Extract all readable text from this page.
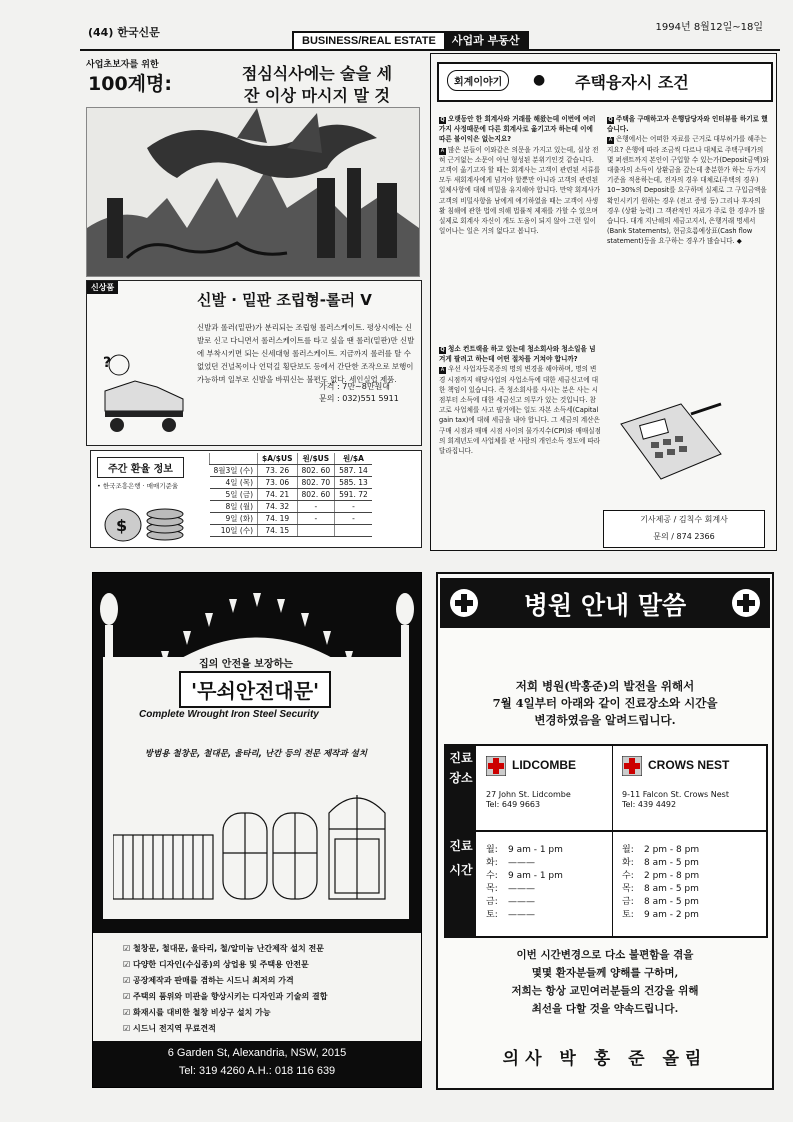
(44) 한국신문	1994년 8월12일~18일
BUSINESS/REAL ESTATE	사업과 부동산
사업초보자를 위한
100계명:	점심식사에는 술을 세
잔 이상 마시지 말 것
신상품
신발 · 밑판 조립형-롤러 V
신발과 롤러(밑판)가 분리되는 조립형 롤러스케이트. 평상시에는 신발로 신고 다니면서 롤러스케이트를 타고 싶을 땐 롤러(밑판)만 신발에 부착시키면 되는 신세대형 롤러스케이트. 지금까지 롤러를 탈 수 없었던 건널목이나 언덕길 횡단보도 등에서 간단한 조작으로 보행이 가능하며 일부로 신발을 바꿔신는 불편도 없다. 세인실업 제품.
?
가격 : 7만~8만원대
문의 : 032)551 5911
주간 환율 정보
• 한국조흥은행 · 매매기준율
$
	$A/$US	원/$US	원/$A
8월3일 (수)	73. 26	802. 60	587. 14
4일 (목)	73. 06	802. 70	585. 13
5일 (금)	74. 21	802. 60	591. 72
8일 (월)	74. 32	-	-
9일 (화)	74. 19	-	-
10일 (수)	74. 15		
회계이야기	● 주택융자시 조건
Q 오랫동안 한 회계사와 거래를 해왔는데 이번에 여러가지 사정때문에 다른 회계사로 옮기고자 하는데 이에 따른 불이익은 없는지요?
A 많은 분들이 이와같은 의문을 가지고 있는데, 실상 전혀 근거없는 소문이 아닌 형성된 분위기인것 같습니다. 고객이 옮기고자 할 때는 회계사는 고객이 관련된 서류를 모두 새회계사에게 넘겨야 할뿐만 아니라 고객의 관련된 일체사항에 대해 비밀을 유지해야 합니다. 만약 회계사가 고객의 비밀사항을 남에게 얘기하였을 때는 고객이 사생활 침해에 관한 법에 의해 법률적 제재를 가할 수 있으며 실제로 회계사 자신이 개도 도움이 되지 않아 그런 일이 일어나는 일은 거의 없다고 봅니다.
Q 청소 컨트랙을 하고 있는데 청소회사와 청소일을 넘겨게 팔려고 하는데 어떤 절차를 거쳐야 합니까?
A 우선 사업자등록증의 명의 변경을 해야하며, 명의 변경 시점까지 해당사업의 사업소득에 대한 세금신고에 대한 책임이 있습니다. 즉 청소회사를 사시는 분은 사는 시점부터 소득에 대한 세금신고 의무가 있는 것입니다. 참고로 사업체를 사고 팔거에는 일도 자본 소득세(Capital gain tax)에 대해 세금을 내야 합니다. 그 세금의 계산은 구매 시점과 매매 시점 사이의 물가지수(CPI)와 매매실점의 회계년도에 사업체를 판 사람의 개인소득 정도에 따라 달라집니다.
Q 주택을 구매하고자 은행담당자와 인터뷰를 하기로 했습니다.
A 은행에서는 어떠한 자료를 근거로 대부허가를 해주는지요? 은행에 따라 조금씩 다르나 대체로 주택구매가의 몇 퍼센트까지 본인이 구입할 수 있는가(Deposit금액)와 대출자의 소득이 상환금을 갚는데 충분한가 하는 두가지 기준을 적용하는데, 전자의 경우 대체로(주택의 경우) 10~30%의 Deposit를 요구하며 실제로 그 구입금액을 확인시키기 원하는 경우 (전고 증빙 등) 그리나 후자의 경우 (상환 능력) 그 객관적인 자료가 주로 한 경우가 많습니다. 대개 지난해의 세금고지서, 은행거래 명세서(Bank Statements), 현금흐름예상표(Cash flow statement)등을 요구하는 경우가 많습니다. ◆
기사제공 / 김칙수 회계사
문의 / 874 2366
집의 안전을 보장하는
'무쇠안전대문'
Complete Wrought Iron Steel Security
방범용 철창문, 철대문, 울타리, 난간 등의 전문 제작과 설치
☑ 철창문, 철대문, 울타리, 철/알미늄 난간제작 설치 전문
☑ 다양한 디자인(수십종)의 상업용 및 주택용 안전문
☑ 공장제작과 판매를 겸하는 시드니 최저의 가격
☑ 주택의 품위와 미관을 향상시키는 디자인과 기술의 결합
☑ 화재시를 대비한 철창 비상구 설치 가능
☑ 시드니 전지역 무료견적
6 Garden St, Alexandria, NSW, 2015
Tel: 319 4260 A.H.: 018 116 639
병원 안내 말씀
저희 병원(박홍준)의 발전을 위해서
7월 4일부터 아래와 같이 진료장소와 시간을
변경하였음을 알려드립니다.
진료장소
진료시간
LIDCOMBE
27 John St. Lidcombe
Tel: 649 9663
CROWS NEST
9-11 Falcon St. Crows Nest
Tel: 439 4492
월:	9 am - 1 pm
화:	———
수:	9 am - 1 pm
목:	———
금:	———
토:	———
월:	2 pm - 8 pm
화:	8 am - 5 pm
수:	2 pm - 8 pm
목:	8 am - 5 pm
금:	8 am - 5 pm
토:	9 am - 2 pm
이번 시간변경으로 다소 불편함을 겪을
몇몇 환자분들께 양해를 구하며,
저희는 항상 교민여러분들의 건강을 위해
최선을 다할 것을 약속드립니다.
의사 박 홍 준 올림
